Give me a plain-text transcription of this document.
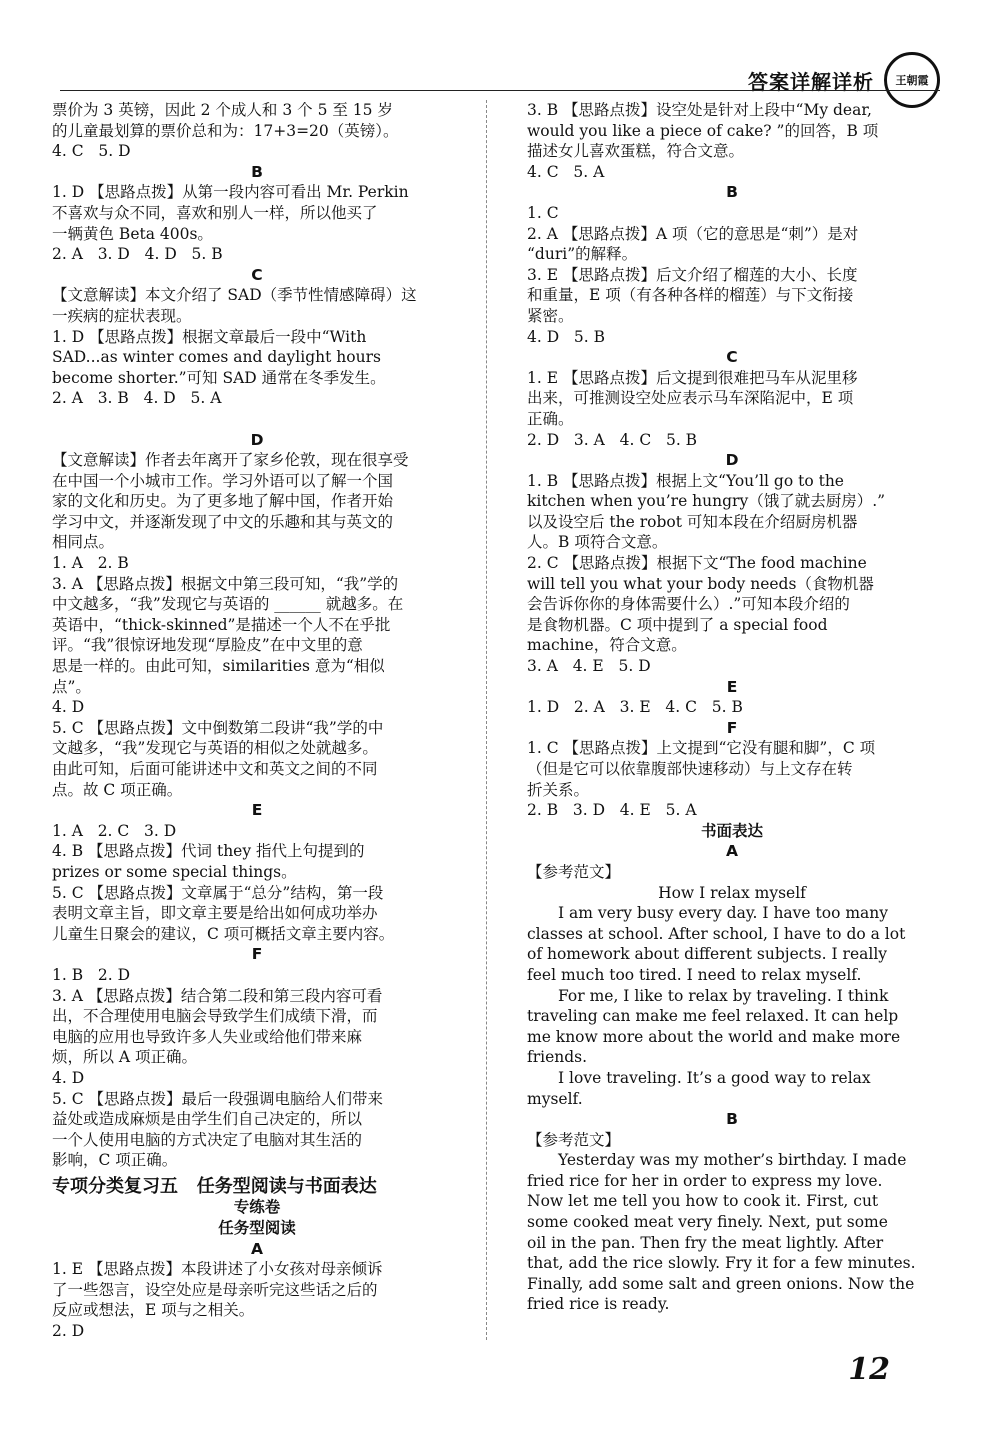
答案详解详析	王朝霞
票价为 3 英镑，因此 2 个成人和 3 个 5 至 15 岁
的儿童最划算的票价总和为：17+3=20（英镑）。
4. C   5. D
B
1. D 【思路点拨】从第一段内容可看出 Mr. Perkin
不喜欢与众不同，喜欢和别人一样，所以他买了
一辆黄色 Beta 400s。
2. A   3. D   4. D   5. B
C
【文意解读】本文介绍了 SAD（季节性情感障碍）这
一疾病的症状表现。
1. D 【思路点拨】根据文章最后一段中“With
SAD...as winter comes and daylight hours
become shorter.”可知 SAD 通常在冬季发生。
2. A   3. B   4. D   5. A

D
【文意解读】作者去年离开了家乡伦敦，现在很享受
在中国一个小城市工作。学习外语可以了解一个国
家的文化和历史。为了更多地了解中国，作者开始
学习中文，并逐渐发现了中文的乐趣和其与英文的
相同点。
1. A   2. B
3. A 【思路点拨】根据文中第三段可知，“我”学的
中文越多，“我”发现它与英语的 ______ 就越多。在
英语中，“thick-skinned”是描述一个人不在乎批
评。“我”很惊讶地发现“厚脸皮”在中文里的意
思是一样的。由此可知，similarities 意为“相似
点”。
4. D
5. C 【思路点拨】文中倒数第二段讲“我”学的中
文越多，“我”发现它与英语的相似之处就越多。
由此可知，后面可能讲述中文和英文之间的不同
点。故 C 项正确。
E
1. A   2. C   3. D
4. B 【思路点拨】代词 they 指代上句提到的
prizes or some special things。
5. C 【思路点拨】文章属于“总分”结构，第一段
表明文章主旨，即文章主要是给出如何成功举办
儿童生日聚会的建议，C 项可概括文章主要内容。
F
1. B   2. D
3. A 【思路点拨】结合第二段和第三段内容可看
出，不合理使用电脑会导致学生们成绩下滑，而
电脑的应用也导致许多人失业或给他们带来麻
烦，所以 A 项正确。
4. D
5. C 【思路点拨】最后一段强调电脑给人们带来
益处或造成麻烦是由学生们自己决定的，所以
一个人使用电脑的方式决定了电脑对其生活的
影响，C 项正确。
专项分类复习五   任务型阅读与书面表达
专练卷
任务型阅读
A
1. E 【思路点拨】本段讲述了小女孩对母亲倾诉
了一些怨言，设空处应是母亲听完这些话之后的
反应或想法，E 项与之相关。
2. D
3. B 【思路点拨】设空处是针对上段中“My dear,
would you like a piece of cake? ”的回答，B 项
描述女儿喜欢蛋糕，符合文意。
4. C   5. A
B
1. C
2. A 【思路点拨】A 项（它的意思是“刺”）是对
“duri”的解释。
3. E 【思路点拨】后文介绍了榴莲的大小、长度
和重量，E 项（有各种各样的榴莲）与下文衔接
紧密。
4. D   5. B
C
1. E 【思路点拨】后文提到很难把马车从泥里移
出来，可推测设空处应表示马车深陷泥中，E 项
正确。
2. D   3. A   4. C   5. B
D
1. B 【思路点拨】根据上文“You’ll go to the
kitchen when you’re hungry（饿了就去厨房）.”
以及设空后 the robot 可知本段在介绍厨房机器
人。B 项符合文意。
2. C 【思路点拨】根据下文“The food machine
will tell you what your body needs（食物机器
会告诉你你的身体需要什么）.”可知本段介绍的
是食物机器。C 项中提到了 a special food
machine，符合文意。
3. A   4. E   5. D
E
1. D   2. A   3. E   4. C   5. B
F
1. C 【思路点拨】上文提到“它没有腿和脚”，C 项
（但是它可以依靠腹部快速移动）与上文存在转
折关系。
2. B   3. D   4. E   5. A
书面表达
A
【参考范文】
How I relax myself
I am very busy every day. I have too many
classes at school. After school, I have to do a lot
of homework about different subjects. I really
feel much too tired. I need to relax myself.
For me, I like to relax by traveling. I think
traveling can make me feel relaxed. It can help
me know more about the world and make more
friends.
I love traveling. It’s a good way to relax
myself.
B
【参考范文】
Yesterday was my mother’s birthday. I made
fried rice for her in order to express my love.
Now let me tell you how to cook it. First, cut
some cooked meat very finely. Next, put some
oil in the pan. Then fry the meat lightly. After
that, add the rice slowly. Fry it for a few minutes.
Finally, add some salt and green onions. Now the
fried rice is ready.
12
